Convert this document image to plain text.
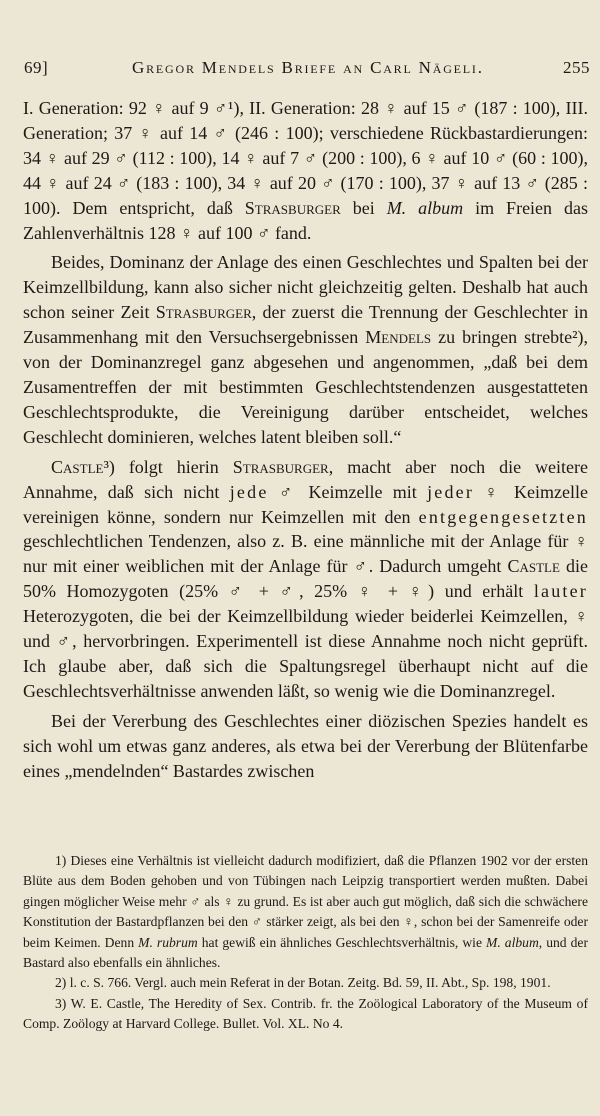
69]	Gregor Mendels Briefe an Carl Nägeli.	255

I. Generation: 92 ♀ auf 9 ♂¹), II. Generation: 28 ♀ auf 15 ♂ (187 : 100), III. Generation; 37 ♀ auf 14 ♂ (246 : 100); verschiedene Rückbastardierungen: 34 ♀ auf 29 ♂ (112 : 100), 14 ♀ auf 7 ♂ (200 : 100), 6 ♀ auf 10 ♂ (60 : 100), 44 ♀ auf 24 ♂ (183 : 100), 34 ♀ auf 20 ♂ (170 : 100), 37 ♀ auf 13 ♂ (285 : 100). Dem entspricht, daß Strasburger bei M. album im Freien das Zahlenverhältnis 128 ♀ auf 100 ♂ fand.

Beides, Dominanz der Anlage des einen Geschlechtes und Spalten bei der Keimzellbildung, kann also sicher nicht gleichzeitig gelten. Deshalb hat auch schon seiner Zeit Strasburger, der zuerst die Trennung der Geschlechter in Zusammenhang mit den Versuchsergebnissen Mendels zu bringen strebte²), von der Dominanzregel ganz abgesehen und angenommen, „daß bei dem Zusamentreffen der mit bestimmten Geschlechtstendenzen ausgestatteten Geschlechtsprodukte, die Vereinigung darüber entscheidet, welches Geschlecht dominieren, welches latent bleiben soll.“

Castle³) folgt hierin Strasburger, macht aber noch die weitere Annahme, daß sich nicht jede ♂ Keimzelle mit jeder ♀ Keimzelle vereinigen könne, sondern nur Keimzellen mit den entgegengesetzten geschlechtlichen Tendenzen, also z. B. eine männliche mit der Anlage für ♀ nur mit einer weiblichen mit der Anlage für ♂. Dadurch umgeht Castle die 50% Homozygoten (25% ♂ + ♂, 25% ♀ + ♀) und erhält lauter Heterozygoten, die bei der Keimzellbildung wieder beiderlei Keimzellen, ♀ und ♂, hervorbringen. Experimentell ist diese Annahme noch nicht geprüft. Ich glaube aber, daß sich die Spaltungsregel überhaupt nicht auf die Geschlechtsverhältnisse anwenden läßt, so wenig wie die Dominanzregel.

Bei der Vererbung des Geschlechtes einer diözischen Spezies handelt es sich wohl um etwas ganz anderes, als etwa bei der Vererbung der Blütenfarbe eines „mendelnden“ Bastardes zwischen

1) Dieses eine Verhältnis ist vielleicht dadurch modifiziert, daß die Pflanzen 1902 vor der ersten Blüte aus dem Boden gehoben und von Tübingen nach Leipzig transportiert werden mußten. Dabei gingen möglicher Weise mehr ♂ als ♀ zu grund. Es ist aber auch gut möglich, daß sich die schwächere Konstitution der Bastardpflanzen bei den ♂ stärker zeigt, als bei den ♀, schon bei der Samenreife oder beim Keimen. Denn M. rubrum hat gewiß ein ähnliches Geschlechtsverhältnis, wie M. album, und der Bastard also ebenfalls ein ähnliches.

2) l. c. S. 766. Vergl. auch mein Referat in der Botan. Zeitg. Bd. 59, II. Abt., Sp. 198, 1901.

3) W. E. Castle, The Heredity of Sex. Contrib. fr. the Zoölogical Laboratory of the Museum of Comp. Zoölogy at Harvard College. Bullet. Vol. XL. No 4.
